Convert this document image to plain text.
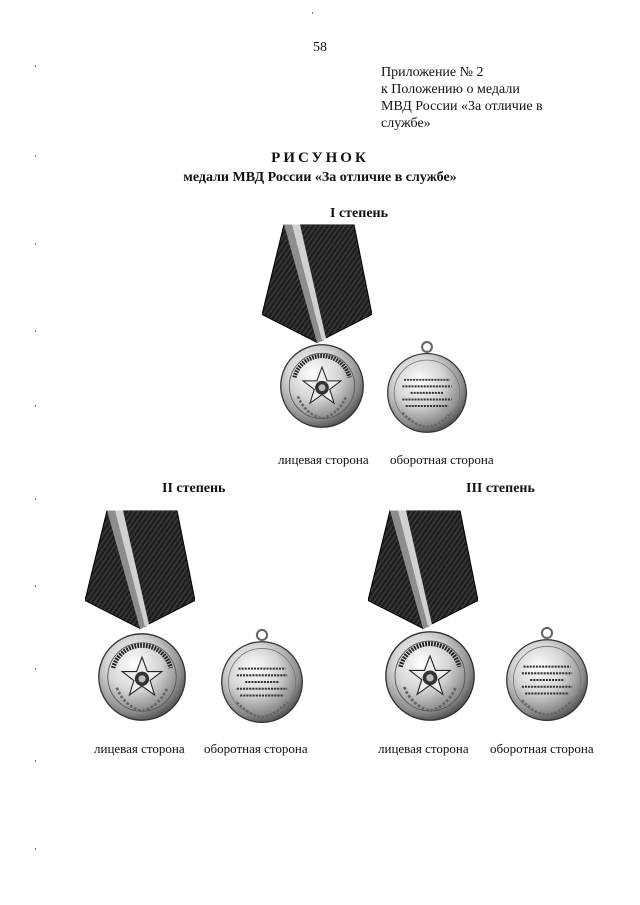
58
Приложение № 2
к Положению о медали
МВД России «За отличие в
службе»
РИСУНОК
медали МВД России «За отличие в службе»
I степень
лицевая сторона оборотная сторона
II степень
лицевая сторона оборотная сторона
III степень
лицевая сторона оборотная сторона
